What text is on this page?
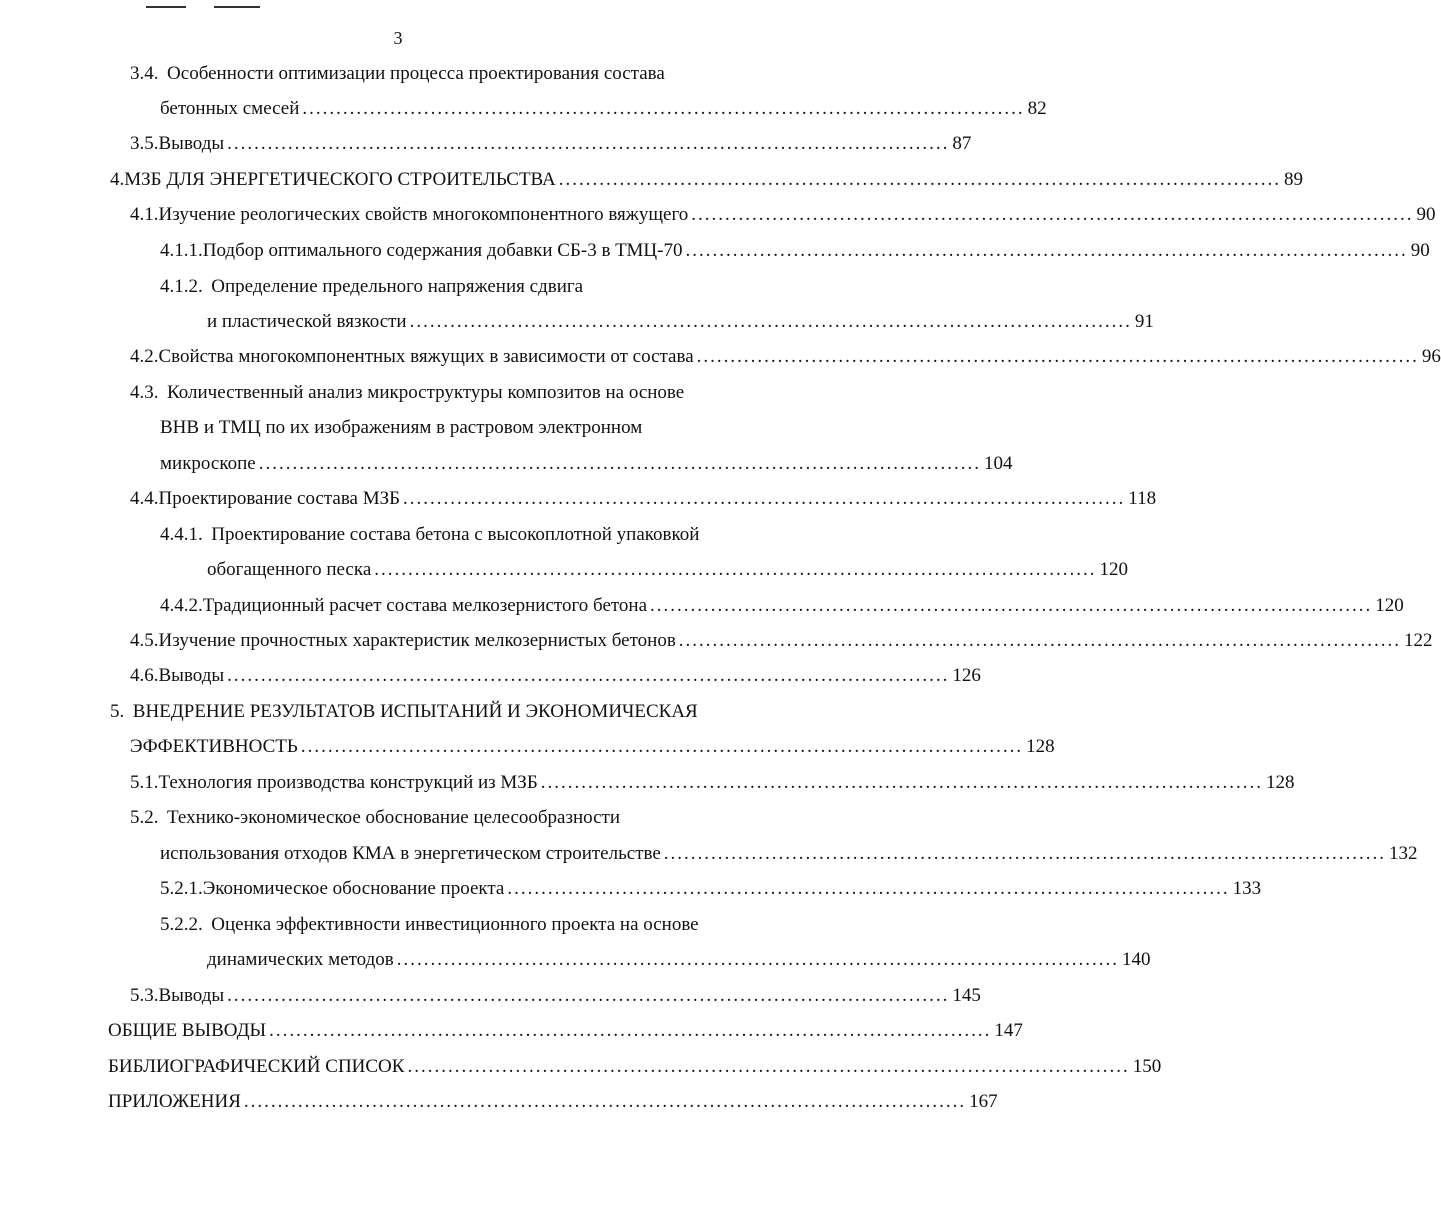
3
3.4. Особенности оптимизации процесса проектирования состава
бетонных смесей ........................................................................................................... 82
3.5. Выводы ........................................................................................................... 87
4. МЗБ ДЛЯ ЭНЕРГЕТИЧЕСКОГО СТРОИТЕЛЬСТВА ........................................................................................................... 89
4.1. Изучение реологических свойств многокомпонентного вяжущего ........................................................................................................... 90
4.1.1. Подбор оптимального содержания добавки СБ-3 в ТМЦ-70 ........................................................................................................... 90
4.1.2. Определение предельного напряжения сдвига
и пластической вязкости ........................................................................................................... 91
4.2. Свойства многокомпонентных вяжущих в зависимости от состава ........................................................................................................... 96
4.3. Количественный анализ микроструктуры композитов на основе
ВНВ и ТМЦ по их изображениям в растровом электронном
микроскопе ........................................................................................................... 104
4.4. Проектирование состава МЗБ ........................................................................................................... 118
4.4.1. Проектирование состава бетона с высокоплотной упаковкой
обогащенного песка ........................................................................................................... 120
4.4.2. Традиционный расчет состава мелкозернистого бетона ........................................................................................................... 120
4.5. Изучение прочностных характеристик мелкозернистых бетонов ........................................................................................................... 122
4.6. Выводы ........................................................................................................... 126
5. ВНЕДРЕНИЕ РЕЗУЛЬТАТОВ ИСПЫТАНИЙ И ЭКОНОМИЧЕСКАЯ
ЭФФЕКТИВНОСТЬ ........................................................................................................... 128
5.1. Технология производства конструкций из МЗБ ........................................................................................................... 128
5.2. Технико-экономическое обоснование целесообразности
использования отходов КМА в энергетическом строительстве ........................................................................................................... 132
5.2.1. Экономическое обоснование проекта ........................................................................................................... 133
5.2.2. Оценка эффективности инвестиционного проекта на основе
динамических методов ........................................................................................................... 140
5.3. Выводы ........................................................................................................... 145
ОБЩИЕ ВЫВОДЫ ........................................................................................................... 147
БИБЛИОГРАФИЧЕСКИЙ СПИСОК ........................................................................................................... 150
ПРИЛОЖЕНИЯ ........................................................................................................... 167
